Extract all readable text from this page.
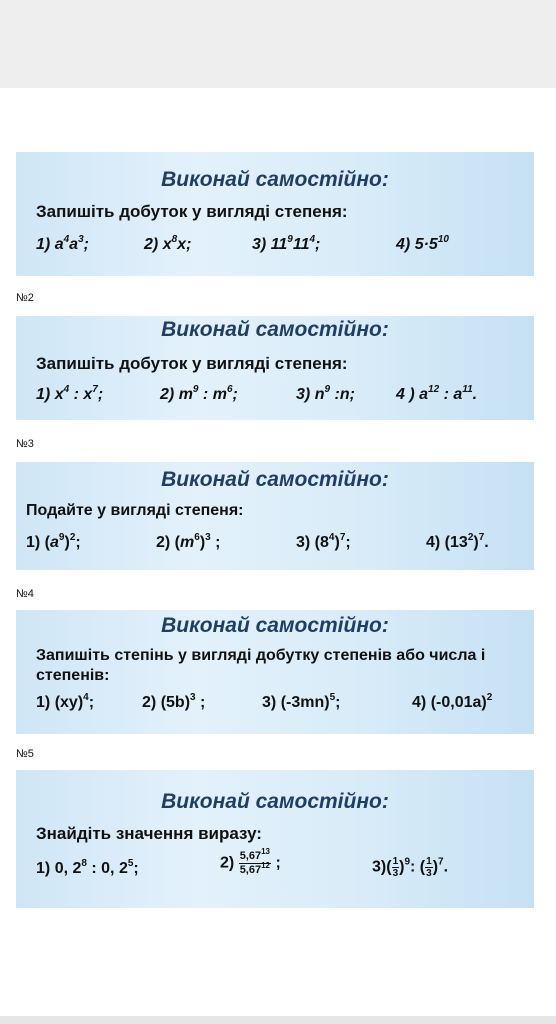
Виконай самостійно:
Запишіть добуток у вигляді степеня:
1) $a^4a^3$;	2) $x^8x$;	3) $11^911^4$;	4) $5\cdot 5^{10}$
№2
Виконай самостійно:
Запишіть добуток у вигляді степеня:
1) $x^4$ : $x^7$;	2) $m^9$ : $m^6$;	3) $n^9$ :n;	4 ) $a^{12}$ : $a^{11}$.
№3
Виконай самостійно:
Подайте у вигляді степеня:
1) $(a^9)^2$;	2) $(m^6)^3$ ;	3) $(8^4)^7$;	4) $(13^2)^7$.
№4
Виконай самостійно:
Запишіть степінь у вигляді добутку степенів або числа і степенів:
1) (xy)$^4$;	2) $(5b)^3$ ;	3) $(-3mn)^5$;	4) $(-0,01a)^2$
№5
Виконай самостійно:
Знайдіть значення виразу:
1) 0, $2^8$ : 0, $2^5$;	$2) \frac{5,67^{13}}{5,67^{12}}$ ;	$3)( \frac{1}{3} )^9$: ( $\frac{1}{3} )^7$.
